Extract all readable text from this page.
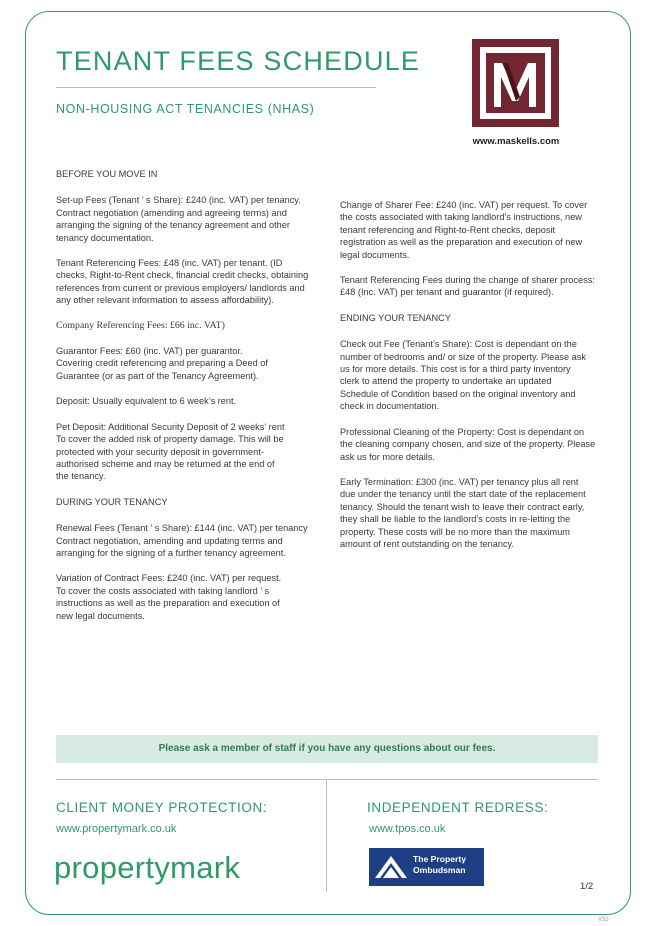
TENANT FEES SCHEDULE
NON-HOUSING ACT TENANCIES (NHAS)
www.maskells.com

BEFORE YOU MOVE IN

Set-up Fees (Tenant ’ s Share): £240 (inc. VAT) per tenancy.
Contract negotiation (amending and agreeing terms) and
arranging the signing of the tenancy agreement and other
tenancy documentation.

Tenant Referencing Fees: £48 (inc. VAT) per tenant. (ID
checks, Right-to-Rent check, financial credit checks, obtaining
references from current or previous employers/ landlords and
any other relevant information to assess affordability).

Company Referencing Fees: £66 inc. VAT)

Guarantor Fees: £60 (inc. VAT) per guarantor.
Covering credit referencing and preparing a Deed of
Guarantee (or as part of the Tenancy Agreement).

Deposit: Usually equivalent to 6 week’s rent.

Pet Deposit: Additional Security Deposit of 2 weeks' rent
To cover the added risk of property damage. This will be
protected with your security deposit in government-
authorised scheme and may be returned at the end of
the tenancy.

DURING YOUR TENANCY

Renewal Fees (Tenant ’ s Share): £144 (inc. VAT) per tenancy
Contract negotiation, amending and updating terms and
arranging for the signing of a further tenancy agreement.

Variation of Contract Fees: £240 (inc. VAT) per request.
To cover the costs associated with taking landlord ’ s
instructions as well as the preparation and execution of
new legal documents.

Change of Sharer Fee: £240 (inc. VAT) per request. To cover
the costs associated with taking landlord’s instructions, new
tenant referencing and Right-to-Rent checks, deposit
registration as well as the preparation and execution of new
legal documents.

Tenant Referencing Fees during the change of sharer process:
£48 (Inc. VAT) per tenant and guarantor (if required).

ENDING YOUR TENANCY

Check out Fee (Tenant’s Share): Cost is dependant on the
number of bedrooms and/ or size of the property. Please ask
us for more details. This cost is for a third party inventory
clerk to attend the property to undertake an updated
Schedule of Condition based on the original inventory and
check in documentation.

Professional Cleaning of the Property: Cost is dependant on
the cleaning company chosen, and size of the property. Please
ask us for more details.

Early Termination: £300 (inc. VAT) per tenancy plus all rent
due under the tenancy until the start date of the replacement
tenancy. Should the tenant wish to leave their contract early,
they shall be liable to the landlord’s costs in re-letting the
property. These costs will be no more than the maximum
amount of rent outstanding on the tenancy.

Please ask a member of staff if you have any questions about our fees.
CLIENT MONEY PROTECTION:
www.propertymark.co.uk
propertymark
INDEPENDENT REDRESS:
www.tpos.co.uk
The Property
Ombudsman
1/2
V33
